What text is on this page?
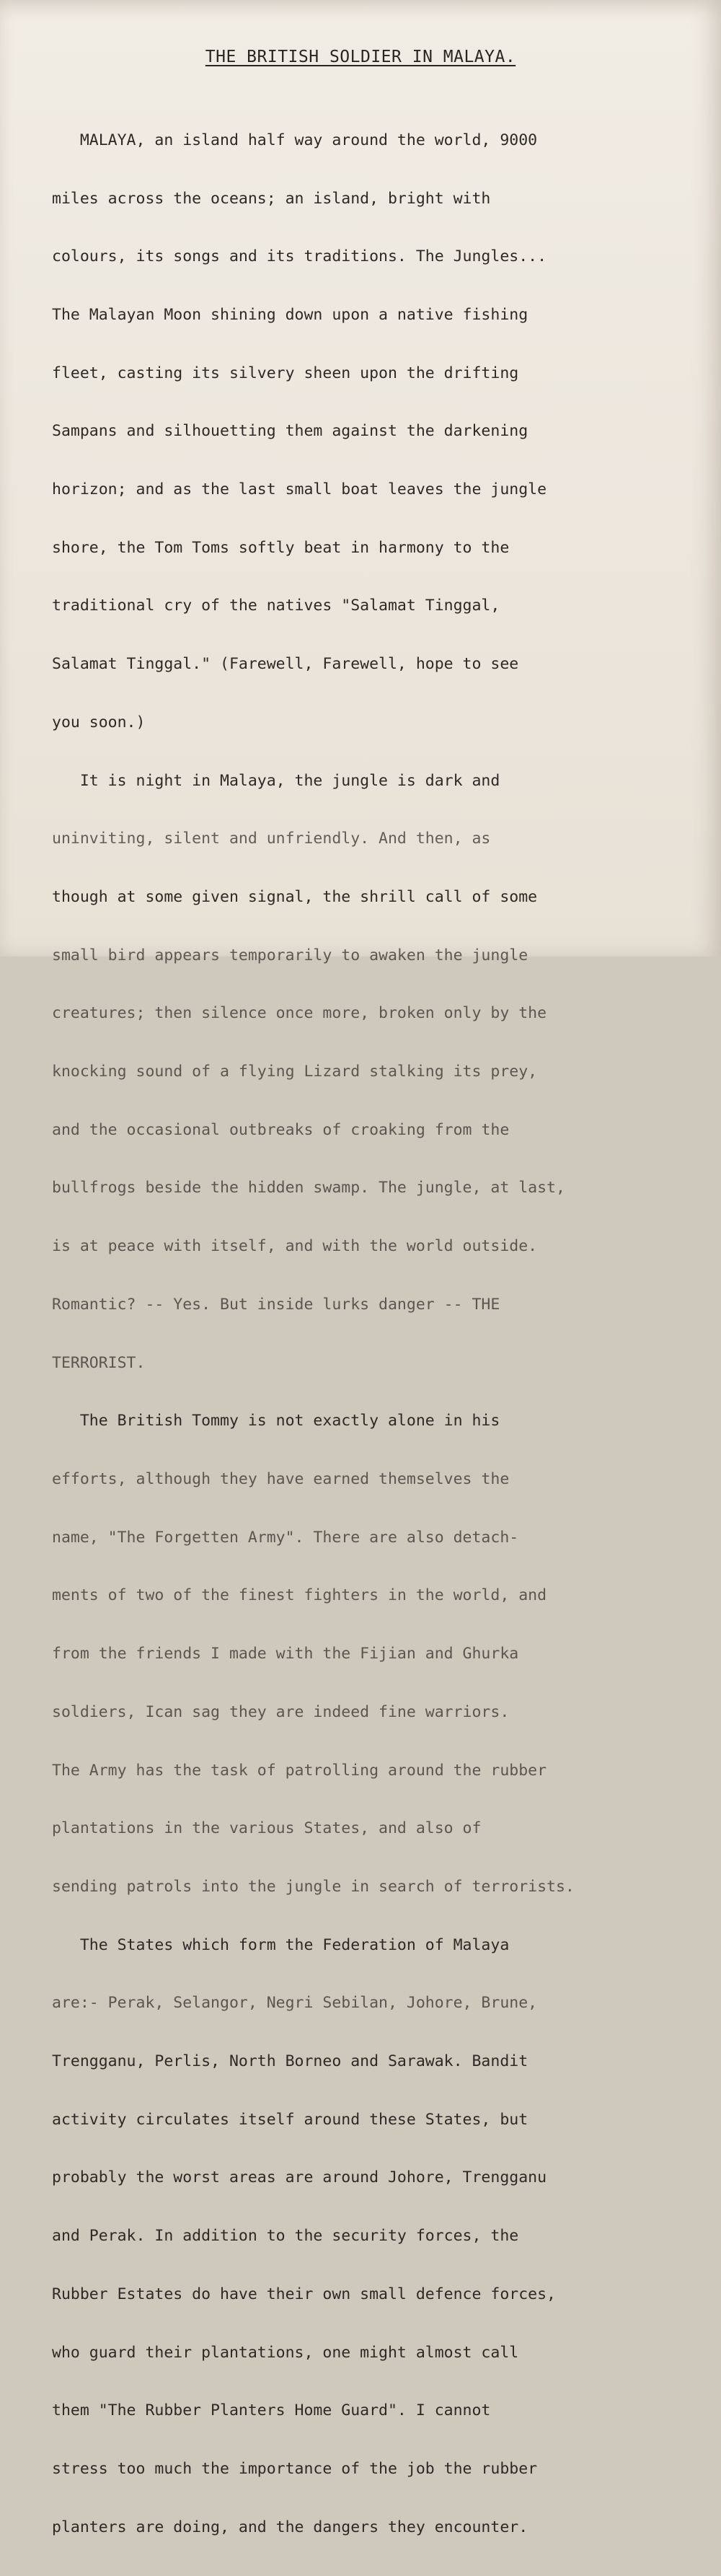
THE BRITISH SOLDIER IN MALAYA.

MALAYA, an island half way around the world, 9000

miles across the oceans; an island, bright with

colours, its songs and its traditions. The Jungles...

The Malayan Moon shining down upon a native fishing

fleet, casting its silvery sheen upon the drifting

Sampans and silhouetting them against the darkening

horizon; and as the last small boat leaves the jungle

shore, the Tom Toms softly beat in harmony to the

traditional cry of the natives "Salamat Tinggal,

Salamat Tinggal." (Farewell, Farewell, hope to see

you soon.)

It is night in Malaya, the jungle is dark and

uninviting, silent and unfriendly. And then, as

though at some given signal, the shrill call of some

small bird appears temporarily to awaken the jungle

creatures; then silence once more, broken only by the

knocking sound of a flying Lizard stalking its prey,

and the occasional outbreaks of croaking from the

bullfrogs beside the hidden swamp. The jungle, at last,

is at peace with itself, and with the world outside.

Romantic? -- Yes. But inside lurks danger -- THE

TERRORIST.

The British Tommy is not exactly alone in his

efforts, although they have earned themselves the

name, "The Forgetten Army". There are also detach-

ments of two of the finest fighters in the world, and

from the friends I made with the Fijian and Ghurka

soldiers, Ican sag they are indeed fine warriors.

The Army has the task of patrolling around the rubber

plantations in the various States, and also of

sending patrols into the jungle in search of terrorists.

The States which form the Federation of Malaya

are:- Perak, Selangor, Negri Sebilan, Johore, Brune,

Trengganu, Perlis, North Borneo and Sarawak. Bandit

activity circulates itself around these States, but

probably the worst areas are around Johore, Trengganu

and Perak. In addition to the security forces, the

Rubber Estates do have their own small defence forces,

who guard their plantations, one might almost call

them "The Rubber Planters Home Guard". I cannot

stress too much the importance of the job the rubber

planters are doing, and the dangers they encounter.
